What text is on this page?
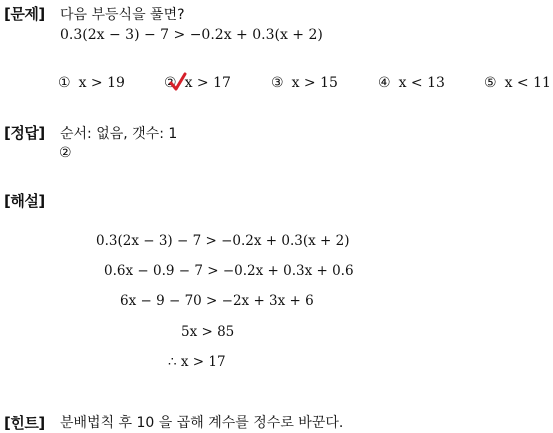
[문제] 다음 부등식을 풀면?
0.3(2x − 3) − 7 > −0.2x + 0.3(x + 2)
① x > 19	② x > 17	③ x > 15	④ x < 13	⑤ x < 11
[정답] 순서: 없음, 갯수: 1
②
[해설]
0.3(2x − 3) − 7 > −0.2x + 0.3(x + 2)
0.6x − 0.9 − 7 > −0.2x + 0.3x + 0.6
6x − 9 − 70 > −2x + 3x + 6
5x > 85
∴ x > 17
[힌트] 분배법칙 후 10 을 곱해 계수를 정수로 바꾼다.
